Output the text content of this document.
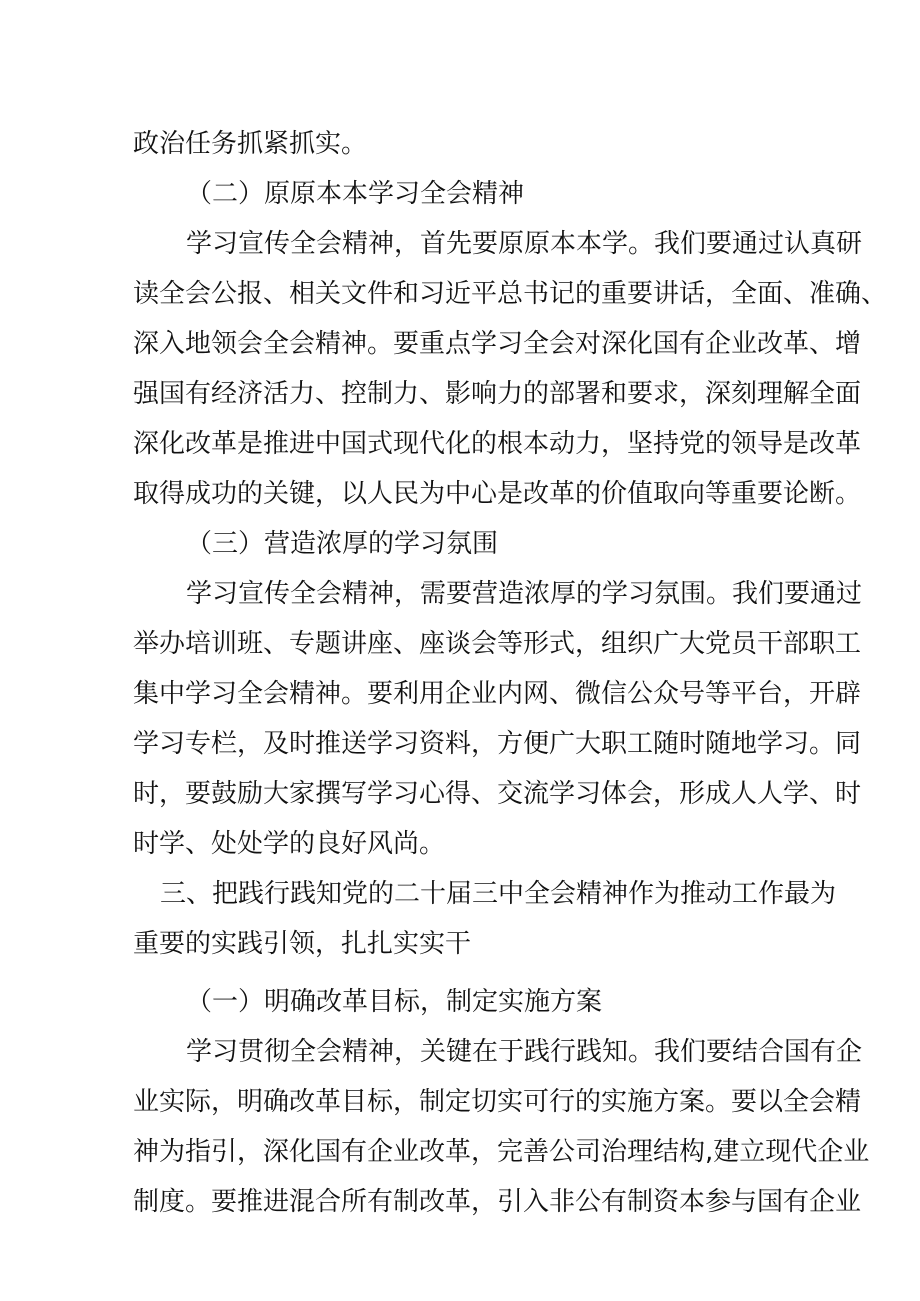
政治任务抓紧抓实。
（二）原原本本学习全会精神
学习宣传全会精神，首先要原原本本学。我们要通过认真研
读全会公报、相关文件和习近平总书记的重要讲话，全面、准确、
深入地领会全会精神。要重点学习全会对深化国有企业改革、增
强国有经济活力、控制力、影响力的部署和要求，深刻理解全面
深化改革是推进中国式现代化的根本动力，坚持党的领导是改革
取得成功的关键，以人民为中心是改革的价值取向等重要论断。
（三）营造浓厚的学习氛围
学习宣传全会精神，需要营造浓厚的学习氛围。我们要通过
举办培训班、专题讲座、座谈会等形式，组织广大党员干部职工
集中学习全会精神。要利用企业内网、微信公众号等平台，开辟
学习专栏，及时推送学习资料，方便广大职工随时随地学习。同
时，要鼓励大家撰写学习心得、交流学习体会，形成人人学、时
时学、处处学的良好风尚。
三、把践行践知党的二十届三中全会精神作为推动工作最为
重要的实践引领，扎扎实实干
（一）明确改革目标，制定实施方案
学习贯彻全会精神，关键在于践行践知。我们要结合国有企
业实际，明确改革目标，制定切实可行的实施方案。要以全会精
神为指引，深化国有企业改革，完善公司治理结构,建立现代企业
制度。要推进混合所有制改革，引入非公有制资本参与国有企业
